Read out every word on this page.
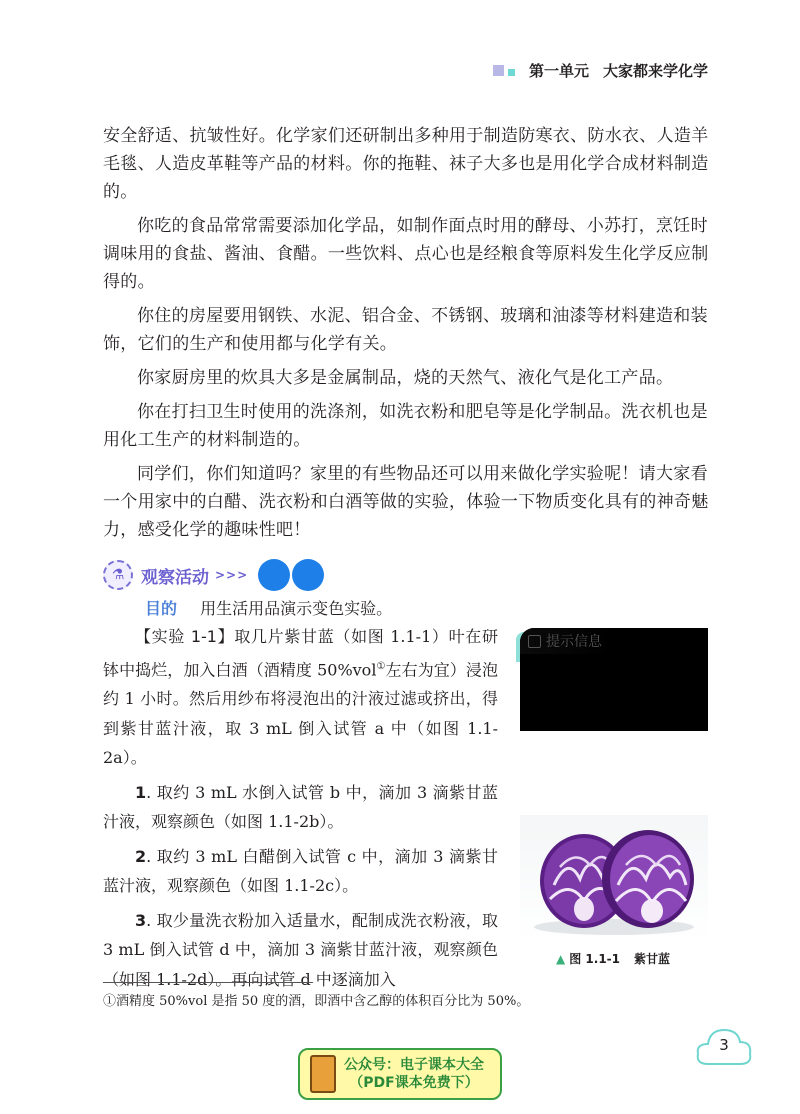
第一单元 大家都来学化学

安全舒适、抗皱性好。化学家们还研制出多种用于制造防寒衣、防水衣、人造羊毛毯、人造皮革鞋等产品的材料。你的拖鞋、袜子大多也是用化学合成材料制造的。

你吃的食品常常需要添加化学品，如制作面点时用的酵母、小苏打，烹饪时调味用的食盐、酱油、食醋。一些饮料、点心也是经粮食等原料发生化学反应制得的。

你住的房屋要用钢铁、水泥、铝合金、不锈钢、玻璃和油漆等材料建造和装饰，它们的生产和使用都与化学有关。

你家厨房里的炊具大多是金属制品，烧的天然气、液化气是化工产品。

你在打扫卫生时使用的洗涤剂，如洗衣粉和肥皂等是化学制品。洗衣机也是用化工生产的材料制造的。

同学们，你们知道吗？家里的有些物品还可以用来做化学实验呢！请大家看一个用家中的白醋、洗衣粉和白酒等做的实验，体验一下物质变化具有的神奇魅力，感受化学的趣味性吧！

⚗ 观察活动 >>>
目的 用生活用品演示变色实验。

【实验 1-1】取几片紫甘蓝（如图 1.1-1）叶在研钵中捣烂，加入白酒（酒精度 50%vol①左右为宜）浸泡约 1 小时。然后用纱布将浸泡出的汁液过滤或挤出，得到紫甘蓝汁液，取 3 mL 倒入试管 a 中（如图 1.1-2a）。

1. 取约 3 mL 水倒入试管 b 中，滴加 3 滴紫甘蓝汁液，观察颜色（如图 1.1-2b）。

2. 取约 3 mL 白醋倒入试管 c 中，滴加 3 滴紫甘蓝汁液，观察颜色（如图 1.1-2c）。

3. 取少量洗衣粉加入适量水，配制成洗衣粉液，取 3 mL 倒入试管 d 中，滴加 3 滴紫甘蓝汁液，观察颜色（如图 1.1-2d）。再向试管 d 中逐滴加入

提示信息
▲ 图 1.1-1 紫甘蓝
①酒精度 50%vol 是指 50 度的酒，即酒中含乙醇的体积百分比为 50%。
3
公众号：电子课本大全
（PDF课本免费下）
